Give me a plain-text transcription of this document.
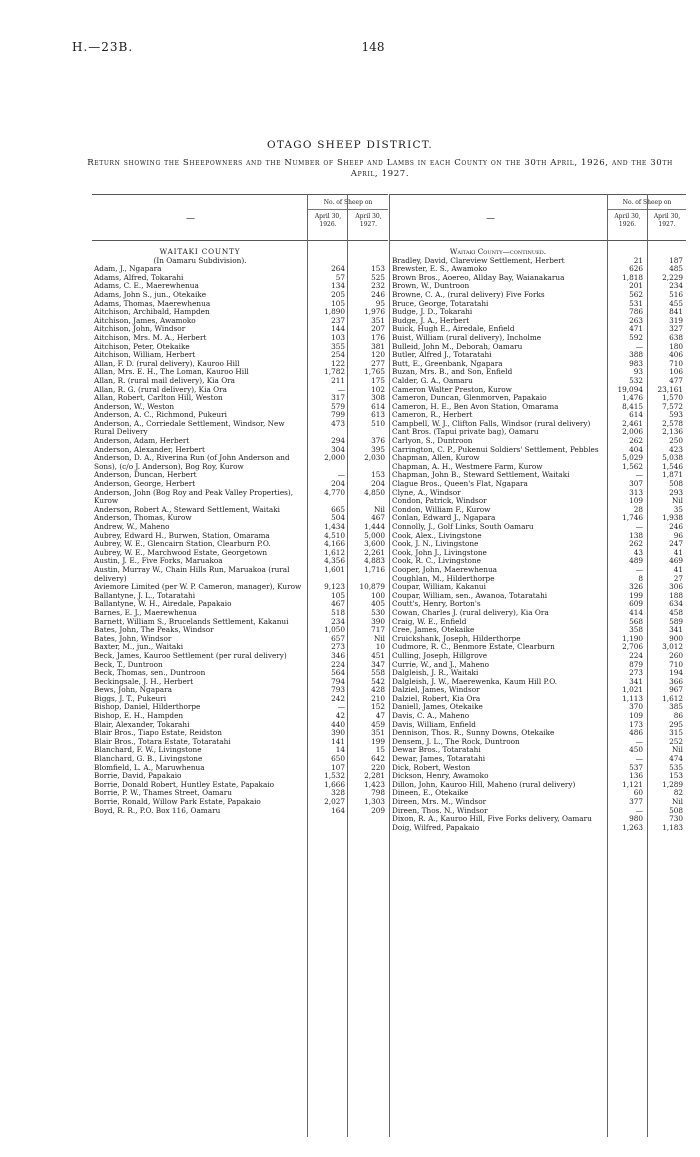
H.—23B.	148
OTAGO SHEEP DISTRICT.
Return showing the Sheepowners and the Number of Sheep and Lambs in each County on the 30th April, 1926, and the 30th April, 1927.
—
No. of Sheep on
April 30, 1926.
April 30, 1927.
—
No. of Sheep on
April 30, 1926.
April 30, 1927.
WAITAKI COUNTY
(In Oamaru Subdivision).
Adam, J., Ngapara	264	153
Adams, Alfred, Tokarahi	57	525
Adams, C. E., Maerewhenua	134	232
Adams, John S., jun., Otekaike	205	246
Adams, Thomas, Maerewhenua	105	95
Aitchison, Archibald, Hampden	1,890	1,976
Aitchison, James, Awamoko	237	351
Aitchison, John, Windsor	144	207
Aitchison, Mrs. M. A., Herbert	103	176
Aitchison, Peter, Otekaike	355	381
Aitchison, William, Herbert	254	120
Allan, F. D. (rural delivery), Kauroo Hill	122	277
Allan, Mrs. E. H., The Loman, Kauroo Hill	1,782	1,765
Allan, R. (rural mail delivery), Kia Ora	211	175
Allan, R. G. (rural delivery), Kia Ora	—	102
Allan, Robert, Carlton Hill, Weston	317	308
Anderson, W., Weston	579	614
Anderson, A. C., Richmond, Pukeuri	799	613
Anderson, A., Corriedale Settlement, Windsor, New Rural Delivery
473	510
Anderson, Adam, Herbert	294	376
Anderson, Alexander, Herbert	304	395
Anderson, D. A., Riverina Run (of John Anderson and Sons), (c/o J. Anderson), Bog Roy, Kurow
2,000	2,030
Anderson, Duncan, Herbert	—	153
Anderson, George, Herbert	204	204
Anderson, John (Bog Roy and Peak Valley Properties), Kurow
4,770	4,850
Anderson, Robert A., Steward Settlement, Waitaki	665	Nil
Anderson, Thomas, Kurow	504	467
Andrew, W., Maheno	1,434	1,444
Aubrey, Edward H., Burwen, Station, Omarama	4,510	5,000
Aubrey, W. E., Glencairn Station, Clearburn P.O.	4,166	3,600
Aubrey, W. E., Marchwood Estate, Georgetown	1,612	2,261
Austin, J. E., Five Forks, Maruakoa	4,356	4,883
Austin, Murray W., Chain Hills Run, Maruakoa (rural delivery)
1,601	1,716
Aviemore Limited (per W. P. Cameron, manager), Kurow	9,123	10,879
Ballantyne, J. L., Totaratahi	105	100
Ballantyne, W. H., Airedale, Papakaio	467	405
Barnes, E. J., Maerewhenua	518	530
Barnett, William S., Brucelands Settlement, Kakanui	234	390
Bates, John, The Peaks, Windsor	1,050	717
Bates, John, Windsor	657	Nil
Baxter, M., jun., Waitaki	273	10
Beck, James, Kauroo Settlement (per rural delivery)	346	451
Beck, T., Duntroon	224	347
Beck, Thomas, sen., Duntroon	564	558
Beckingsale, J. H., Herbert	794	542
Bews, John, Ngapara	793	428
Biggs, J. T., Pukeuri	242	210
Bishop, Daniel, Hilderthorpe	—	152
Bishop, E. H., Hampden	42	47
Blair, Alexander, Tokarahi	440	459
Blair Bros., Tiapo Estate, Reidston	390	351
Blair Bros., Totara Estate, Totaratahi	141	199
Blanchard, F. W., Livingstone	14	15
Blanchard, G. B., Livingstone	650	642
Blomfield, L. A., Maruwhenua	107	220
Borrie, David, Papakaio	1,532	2,281
Borrie, Donald Robert, Huntley Estate, Papakaio	1,666	1,423
Borrie, P. W., Thames Street, Oamaru	328	798
Borrie, Ronald, Willow Park Estate, Papakaio	2,027	1,303
Boyd, R. R., P.O. Box 116, Oamaru	164	209
Waitaki County—continued.
Bradley, David, Clareview Settlement, Herbert	21	187
Brewster, E. S., Awamoko	626	485
Brown Bros., Aoereo, Allday Bay, Waianakarua	1,818	2,229
Brown, W., Duntroon	201	234
Browne, C. A., (rural delivery) Five Forks	562	516
Bruce, George, Totaratahi	531	455
Budge, J. D., Tokarahi	786	841
Budge, J. A., Herbert	263	319
Buick, Hugh E., Airedale, Enfield	471	327
Buist, William (rural delivery), Incholme	592	638
Bulleid, John M., Deborah, Oamaru	—	180
Butler, Alfred J., Totaratahi	388	406
Butt, E., Greenbank, Ngapara	983	710
Buzan, Mrs. B., and Son, Enfield	93	106
Calder, G. A., Oamaru	532	477
Cameron Walter Preston, Kurow	19,094	23,161
Cameron, Duncan, Glenmorven, Papakaio	1,476	1,570
Cameron, H. E., Ben Avon Station, Omarama	8,415	7,572
Cameron, R., Herbert	614	593
Campbell, W. J., Clifton Falls, Windsor (rural delivery)	2,461	2,578
Cant Bros. (Tapui private bag), Oamaru	2,006	2,136
Carlyon, S., Duntroon	262	250
Carrington, C. P., Pukenui Soldiers' Settlement, Pebbles	404	423
Chapman, Allen, Kurow	5,029	5,038
Chapman, A. H., Westmere Farm, Kurow	1,562	1,546
Chapman, John B., Steward Settlement, Waitaki	—	1,871
Clague Bros., Queen's Flat, Ngapara	307	508
Clyne, A., Windsor	313	293
Condon, Patrick, Windsor	109	Nil
Condon, William F., Kurow	28	35
Conlan, Edward J., Ngapara	1,746	1,938
Connolly, J., Golf Links, South Oamaru	—	246
Cook, Alex., Livingstone	138	96
Cook, J. N., Livingstone	262	247
Cook, John J., Livingstone	43	41
Cook, R. C., Livingstone	489	469
Cooper, John, Maerewhenua	—	41
Coughlan, M., Hilderthorpe	8	27
Coupar, William, Kakanui	326	306
Coupar, William, sen., Awanoa, Totaratahi	199	188
Coutt's, Henry, Borton's	609	634
Cowan, Charles J. (rural delivery), Kia Ora	414	458
Craig, W. E., Enfield	568	589
Cree, James, Otekaike	358	341
Cruickshank, Joseph, Hilderthorpe	1,190	900
Cudmore, R. C., Benmore Estate, Clearburn	2,706	3,012
Culling, Joseph, Hillgrove	224	260
Currie, W., and J., Maheno	879	710
Dalgleish, J. R., Waitaki	273	194
Dalgleish, J. W., Maerewenka, Kaum Hill P.O.	341	366
Dalziel, James, Windsor	1,021	967
Dalziel, Robert, Kia Ora	1,113	1,612
Daniell, James, Otekaike	370	385
Davis, C. A., Maheno	109	86
Davis, William, Enfield	173	295
Dennison, Thos. R., Sunny Downs, Otekaike	486	315
Densem, J. L., The Rock, Duntroon	—	252
Dewar Bros., Totaratahi	450	Nil
Dewar, James, Totaratahi	—	474
Dick, Robert, Weston	537	535
Dickson, Henry, Awamoko	136	153
Dillon, John, Kauroo Hill, Maheno (rural delivery)	1,121	1,289
Dineen, E., Otekaike	60	82
Direen, Mrs. M., Windsor	377	Nil
Direen, Thos. N., Windsor	—	508
Dixon, R. A., Kauroo Hill, Five Forks delivery, Oamaru	980	730
Doig, Wilfred, Papakaio	1,263	1,183
